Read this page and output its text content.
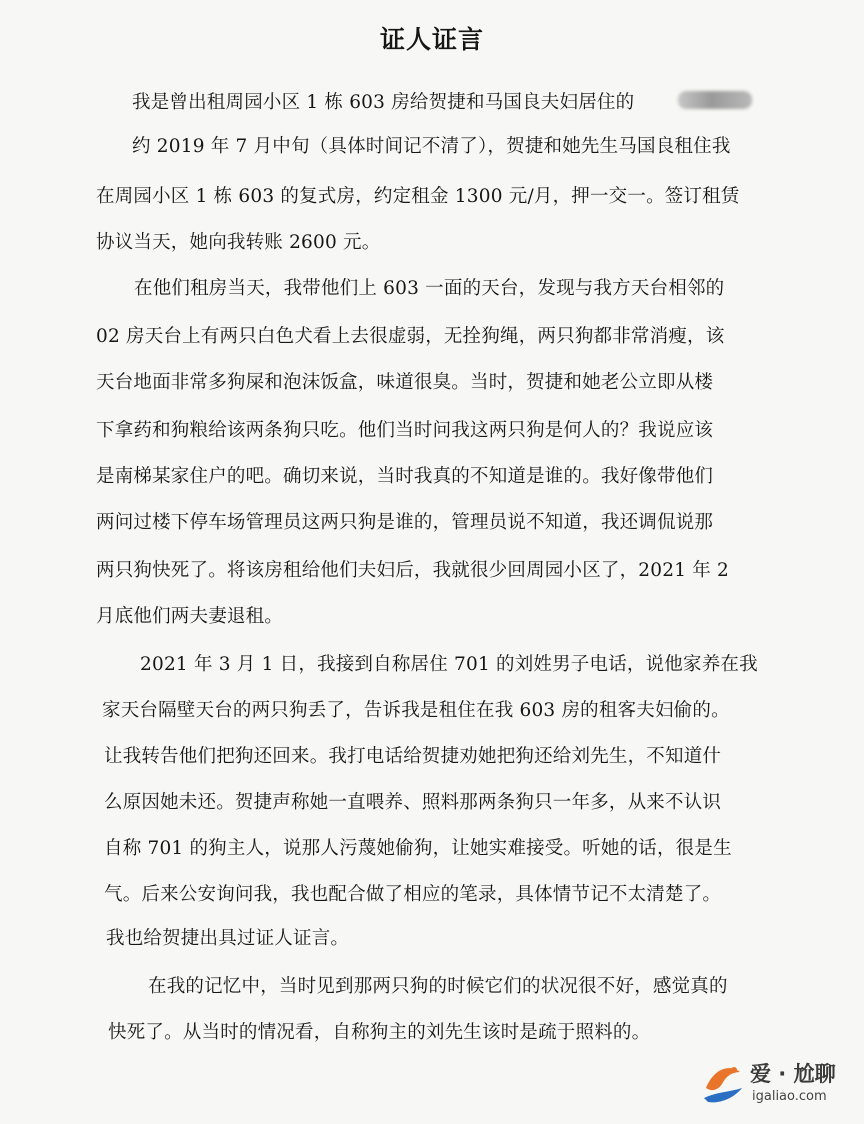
证人证言
我是曾出租周园小区 1 栋 603 房给贺捷和马国良夫妇居住的
约 2019 年 7 月中旬（具体时间记不清了），贺捷和她先生马国良租住我
在周园小区 1 栋 603 的复式房，约定租金 1300 元/月，押一交一。签订租赁
协议当天，她向我转账 2600 元。
在他们租房当天，我带他们上 603 一面的天台，发现与我方天台相邻的
02 房天台上有两只白色犬看上去很虚弱，无拴狗绳，两只狗都非常消瘦，该
天台地面非常多狗屎和泡沫饭盒，味道很臭。当时，贺捷和她老公立即从楼
下拿药和狗粮给该两条狗只吃。他们当时问我这两只狗是何人的？我说应该
是南梯某家住户的吧。确切来说，当时我真的不知道是谁的。我好像带他们
两问过楼下停车场管理员这两只狗是谁的，管理员说不知道，我还调侃说那
两只狗快死了。将该房租给他们夫妇后，我就很少回周园小区了，2021 年 2
月底他们两夫妻退租。
2021 年 3 月 1 日，我接到自称居住 701 的刘姓男子电话，说他家养在我
家天台隔壁天台的两只狗丢了，告诉我是租住在我 603 房的租客夫妇偷的。
让我转告他们把狗还回来。我打电话给贺捷劝她把狗还给刘先生，不知道什
么原因她未还。贺捷声称她一直喂养、照料那两条狗只一年多，从来不认识
自称 701 的狗主人，说那人污蔑她偷狗，让她实难接受。听她的话，很是生
气。后来公安询问我，我也配合做了相应的笔录，具体情节记不太清楚了。
我也给贺捷出具过证人证言。
在我的记忆中，当时见到那两只狗的时候它们的状况很不好，感觉真的
快死了。从当时的情况看，自称狗主的刘先生该时是疏于照料的。
爱 · 尬聊
igaliao.com
